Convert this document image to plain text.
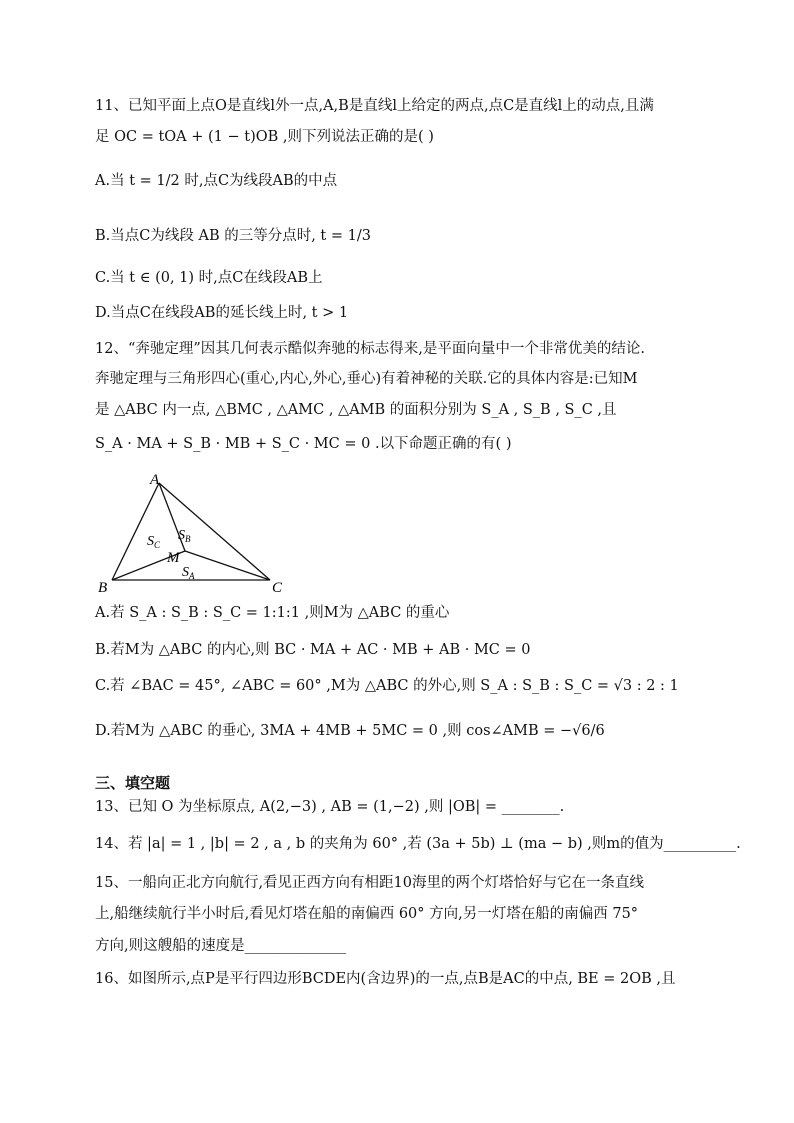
11、已知平面上点O是直线l外一点,A,B是直线l上给定的两点,点C是直线l上的动点,且满
足 OC = tOA + (1 − t)OB ,则下列说法正确的是( )
A.当 t = 1/2 时,点C为线段AB的中点
B.当点C为线段 AB 的三等分点时, t = 1/3
C.当 t ∈ (0, 1) 时,点C在线段AB上
D.当点C在线段AB的延长线上时, t > 1
12、“奔驰定理”因其几何表示酷似奔驰的标志得来,是平面向量中一个非常优美的结论.
奔驰定理与三角形四心(重心,内心,外心,垂心)有着神秘的关联.它的具体内容是:已知M
是 △ABC 内一点, △BMC , △AMC , △AMB 的面积分别为 S_A , S_B , S_C ,且
S_A · MA + S_B · MB + S_C · MC = 0 .以下命题正确的有( )
A
B	C
M
$S_C$
$S_B$
$S_A$
A.若 S_A : S_B : S_C = 1:1:1 ,则M为 △ABC 的重心
B.若M为 △ABC 的内心,则 BC · MA + AC · MB + AB · MC = 0
C.若 ∠BAC = 45°, ∠ABC = 60° ,M为 △ABC 的外心,则 S_A : S_B : S_C = √3 : 2 : 1
D.若M为 △ABC 的垂心, 3MA + 4MB + 5MC = 0 ,则 cos∠AMB = −√6/6
三、填空题
13、已知 O 为坐标原点, A(2,−3) , AB = (1,−2) ,则 |OB| = ________.
14、若 |a| = 1 , |b| = 2 , a , b 的夹角为 60° ,若 (3a + 5b) ⊥ (ma − b) ,则m的值为__________.
15、一船向正北方向航行,看见正西方向有相距10海里的两个灯塔恰好与它在一条直线
上,船继续航行半小时后,看见灯塔在船的南偏西 60° 方向,另一灯塔在船的南偏西 75°
方向,则这艘船的速度是______________
16、如图所示,点P是平行四边形BCDE内(含边界)的一点,点B是AC的中点, BE = 2OB ,且
